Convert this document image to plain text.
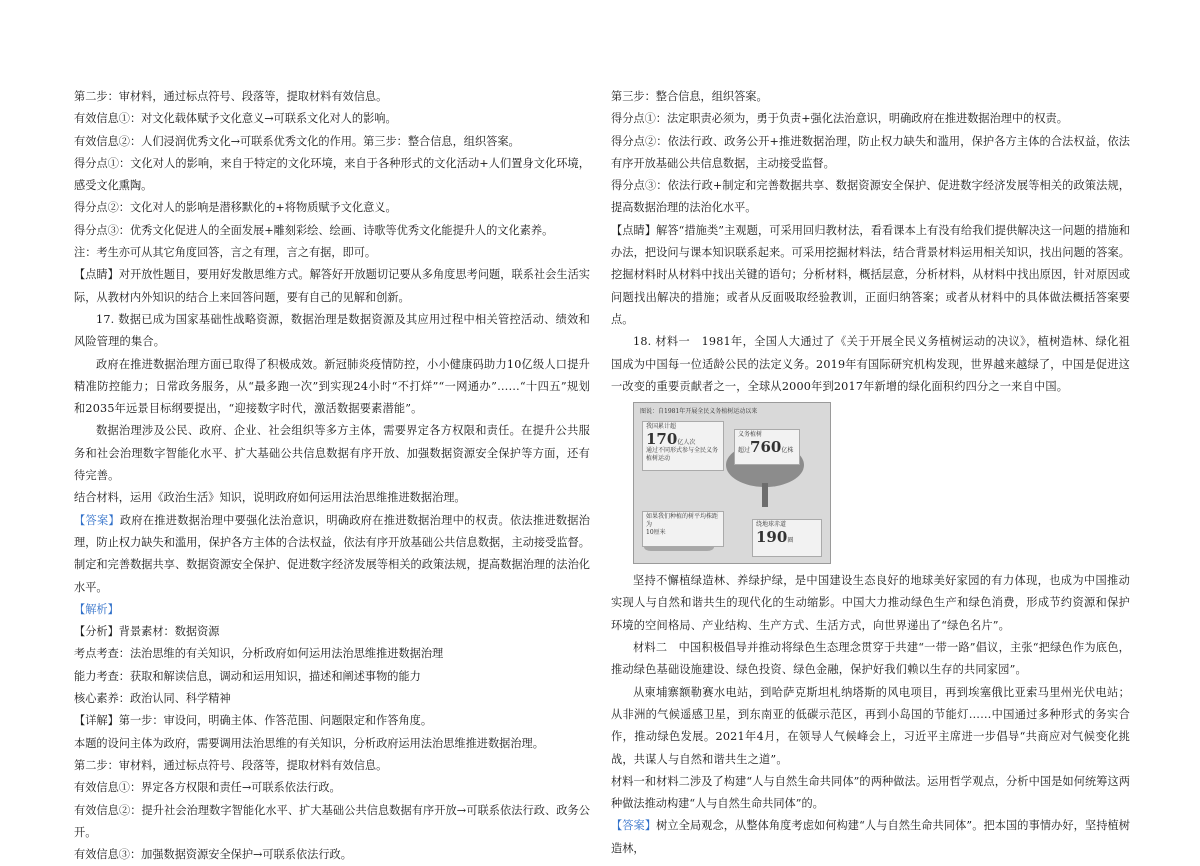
第二步：审材料，通过标点符号、段落等，提取材料有效信息。

有效信息①：对文化载体赋予文化意义→可联系文化对人的影响。

有效信息②：人们浸润优秀文化→可联系优秀文化的作用。第三步：整合信息，组织答案。

得分点①：文化对人的影响，来自于特定的文化环境，来自于各种形式的文化活动+人们置身文化环境，感受文化熏陶。

得分点②：文化对人的影响是潜移默化的+将物质赋予文化意义。

得分点③：优秀文化促进人的全面发展+雕刻彩绘、绘画、诗歌等优秀文化能提升人的文化素养。

注：考生亦可从其它角度回答，言之有理，言之有据，即可。

【点睛】对开放性题目，要用好发散思维方式。解答好开放题切记要从多角度思考问题，联系社会生活实际，从教材内外知识的结合上来回答问题，要有自己的见解和创新。

17. 数据已成为国家基础性战略资源，数据治理是数据资源及其应用过程中相关管控活动、绩效和风险管理的集合。

政府在推进数据治理方面已取得了积极成效。新冠肺炎疫情防控，小小健康码助力10亿级人口提升精准防控能力；日常政务服务，从“最多跑一次”到实现24小时“不打烊”“一网通办”……“十四五”规划和2035年远景目标纲要提出，“迎接数字时代，激活数据要素潜能”。

数据治理涉及公民、政府、企业、社会组织等多方主体，需要界定各方权限和责任。在提升公共服务和社会治理数字智能化水平、扩大基础公共信息数据有序开放、加强数据资源安全保护等方面，还有待完善。

结合材料，运用《政治生活》知识，说明政府如何运用法治思维推进数据治理。

【答案】政府在推进数据治理中要强化法治意识，明确政府在推进数据治理中的权责。依法推进数据治理，防止权力缺失和滥用，保护各方主体的合法权益，依法有序开放基础公共信息数据，主动接受监督。制定和完善数据共享、数据资源安全保护、促进数字经济发展等相关的政策法规，提高数据治理的法治化水平。

【解析】

【分析】背景素材：数据资源

考点考查：法治思维的有关知识，分析政府如何运用法治思维推进数据治理

能力考查：获取和解读信息，调动和运用知识，描述和阐述事物的能力

核心素养：政治认同、科学精神

【详解】第一步：审设问，明确主体、作答范围、问题限定和作答角度。

本题的设问主体为政府，需要调用法治思维的有关知识，分析政府运用法治思维推进数据治理。

第二步：审材料，通过标点符号、段落等，提取材料有效信息。

有效信息①：界定各方权限和责任→可联系依法行政。

有效信息②：提升社会治理数字智能化水平、扩大基础公共信息数据有序开放→可联系依法行政、政务公开。

有效信息③：加强数据资源安全保护→可联系依法行政。

第三步：整合信息，组织答案。

得分点①：法定职责必须为，勇于负责+强化法治意识，明确政府在推进数据治理中的权责。

得分点②：依法行政、政务公开+推进数据治理，防止权力缺失和滥用，保护各方主体的合法权益，依法有序开放基础公共信息数据，主动接受监督。

得分点③：依法行政+制定和完善数据共享、数据资源安全保护、促进数字经济发展等相关的政策法规，提高数据治理的法治化水平。

【点睛】解答“措施类”主观题，可采用回归教材法，看看课本上有没有给我们提供解决这一问题的措施和办法，把设问与课本知识联系起来。可采用挖掘材料法，结合背景材料运用相关知识，找出问题的答案。挖掘材料时从材料中找出关键的语句；分析材料，概括层意，分析材料，从材料中找出原因，针对原因或问题找出解决的措施；或者从反面吸取经验教训，正面归纳答案；或者从材料中的具体做法概括答案要点。

18. 材料一　1981年，全国人大通过了《关于开展全民义务植树运动的决议》，植树造林、绿化祖国成为中国每一位适龄公民的法定义务。2019年有国际研究机构发现，世界越来越绿了，中国是促进这一改变的重要贡献者之一，全球从2000年到2017年新增的绿化面积约四分之一来自中国。

图说：自1981年开展全民义务植树运动以来
我国累计超
170亿人次
通过不同形式参与全民义务植树运动
义务植树
超过760亿株
如果我们种植的树平均株距为
10厘米
绕地球赤道
190圈

坚持不懈植绿造林、养绿护绿，是中国建设生态良好的地球美好家园的有力体现，也成为中国推动实现人与自然和谐共生的现代化的生动缩影。中国大力推动绿色生产和绿色消费，形成节约资源和保护环境的空间格局、产业结构、生产方式、生活方式，向世界递出了“绿色名片”。

材料二　中国积极倡导并推动将绿色生态理念贯穿于共建“一带一路”倡议，主张“把绿色作为底色，推动绿色基础设施建设、绿色投资、绿色金融，保护好我们赖以生存的共同家园”。

从柬埔寨额勒赛水电站，到哈萨克斯坦札纳塔斯的风电项目，再到埃塞俄比亚索马里州光伏电站；从非洲的气候遥感卫星，到东南亚的低碳示范区，再到小岛国的节能灯……中国通过多种形式的务实合作，推动绿色发展。2021年4月，在领导人气候峰会上，习近平主席进一步倡导“共商应对气候变化挑战，共谋人与自然和谐共生之道”。

材料一和材料二涉及了构建“人与自然生命共同体”的两种做法。运用哲学观点，分析中国是如何统筹这两种做法推动构建“人与自然生命共同体”的。

【答案】树立全局观念，从整体角度考虑如何构建“人与自然生命共同体”。把本国的事情办好，坚持植树造林，
